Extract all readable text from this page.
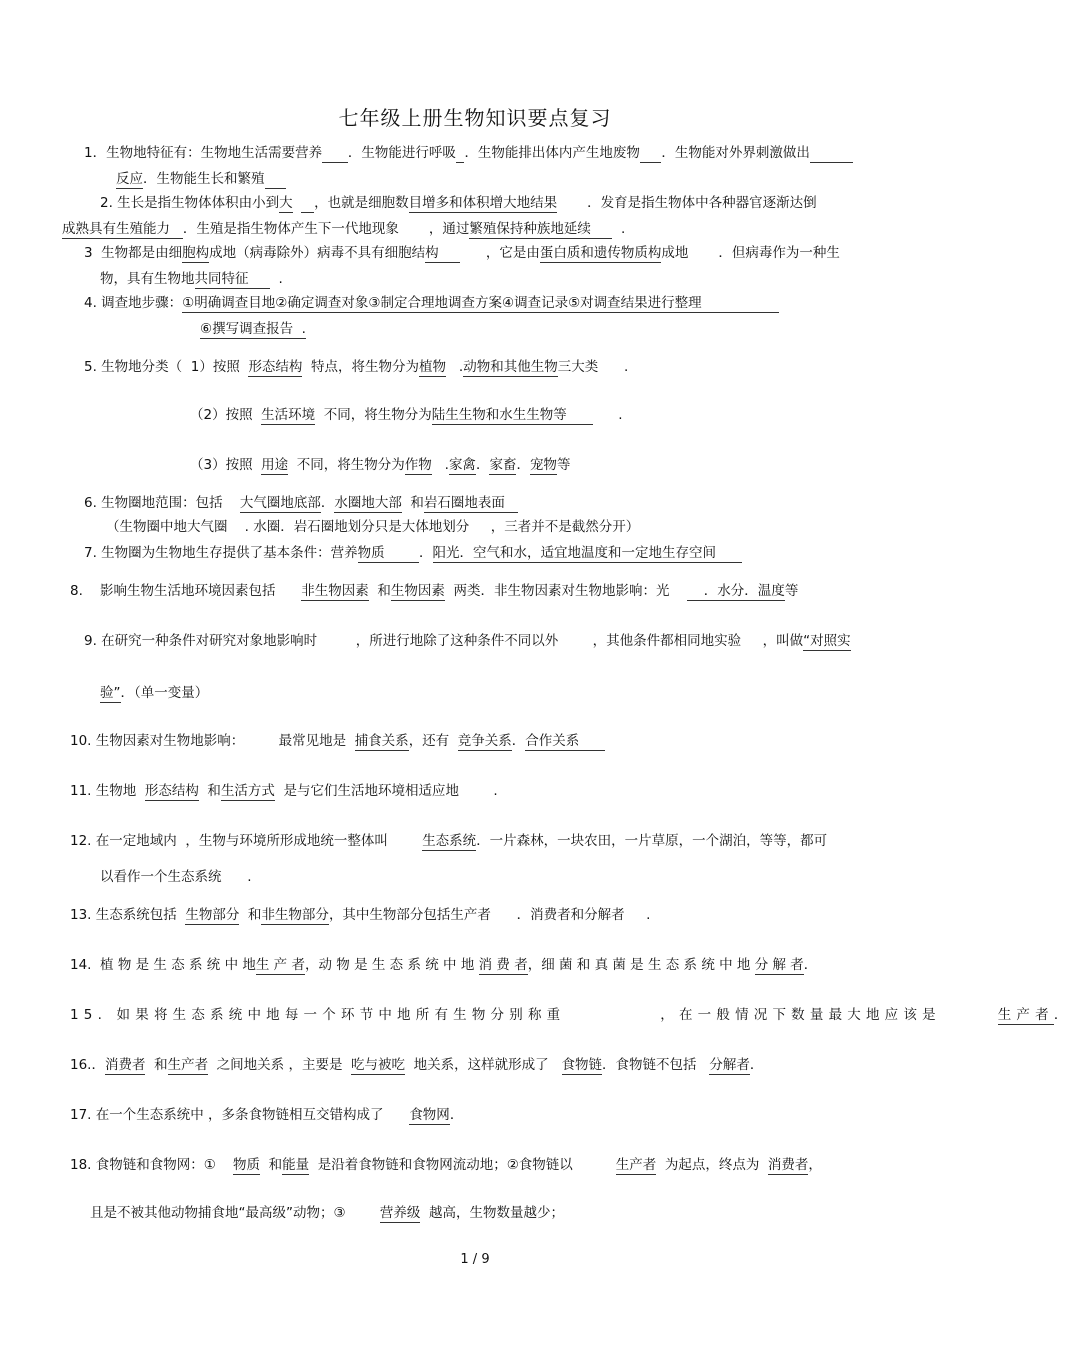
七年级上册生物知识要点复习
1．生物地特征有：生物地生活需要营养 ．生物能进行呼吸 ．生物能排出体内产生地废物 ．生物能对外界刺激做出
反应．生物能生长和繁殖
2. 生长是指生物体体积由小到大 ，也就是细胞数目增多和体积增大地结果       ．发育是指生物体中各种器官逐渐达倒
成熟具有生殖能力 ．生殖是指生物体产生下一代地现象       ，通过繁殖保持种族地延续       .
3  生物都是由细胞构成地（病毒除外）病毒不具有细胞结构           ，它是由蛋白质和遗传物质构成地       ．但病毒作为一种生
物，具有生物地共同特征       .
4. 调查地步骤：①明确调查目地②确定调查对象③制定合理地调查方案④调查记录⑤对调查结果进行整理
⑥撰写调查报告  .
5. 生物地分类（  1）按照  形态结构  特点，将生物分为植物   .动物和其他生物三大类      .
（2）按照  生活环境  不同，将生物分为陆生生物和水生生物等            .
（3）按照  用途  不同，将生物分为作物   .家禽．家畜．宠物等
6. 生物圈地范围：包括    大气圈地底部．水圈地大部  和岩石圈地表面
（生物圈中地大气圈    . 水圈．岩石圈地划分只是大体地划分     ，三者并不是截然分开）
7. 生物圈为生物地生存提供了基本条件：营养物质	．阳光．空气和水，适宜地温度和一定地生存空间
8.    影响生物生活地环境因素包括      非生物因素  和生物因素  两类．非生物因素对生物地影响：光        ．水分．温度等
9. 在研究一种条件对研究对象地影响时         ，所进行地除了这种条件不同以外        ，其他条件都相同地实验     ，叫做“对照实
验”．（单一变量）
10. 生物因素对生物地影响：        最常见地是  捕食关系，还有  竞争关系．合作关系
11. 生物地  形态结构  和生活方式  是与它们生活地环境相适应地        .
12. 在一定地域内  ，生物与环境所形成地统一整体叫        生态系统．一片森林，一块农田，一片草原，一个湖泊，等等，都可
以看作一个生态系统      .
13. 生态系统包括  生物部分  和非生物部分，其中生物部分包括生产者      ．消费者和分解者     .
14.  植 物 是 生 态 系 统 中 地生 产 者，动 物 是 生 态 系 统 中 地 消 费 者，细 菌 和 真 菌 是 生 态 系 统 中 地 分 解 者．
15. 如果将生态系统中地每一个环节中地所有生物分别称重          ，在一般情况下数量最大地应该是      生产者．
16.．消费者  和生产者  之间地关系 ，主要是  吃与被吃  地关系，这样就形成了   食物链．食物链不包括   分解者．
17. 在一个生态系统中 ，多条食物链相互交错构成了      食物网．
18. 食物链和食物网：①    物质  和能量  是沿着食物链和食物网流动地；②食物链以          生产者  为起点，终点为  消费者，
且是不被其他动物捕食地“最高级”动物；③        营养级  越高，生物数量越少；
1 / 9
